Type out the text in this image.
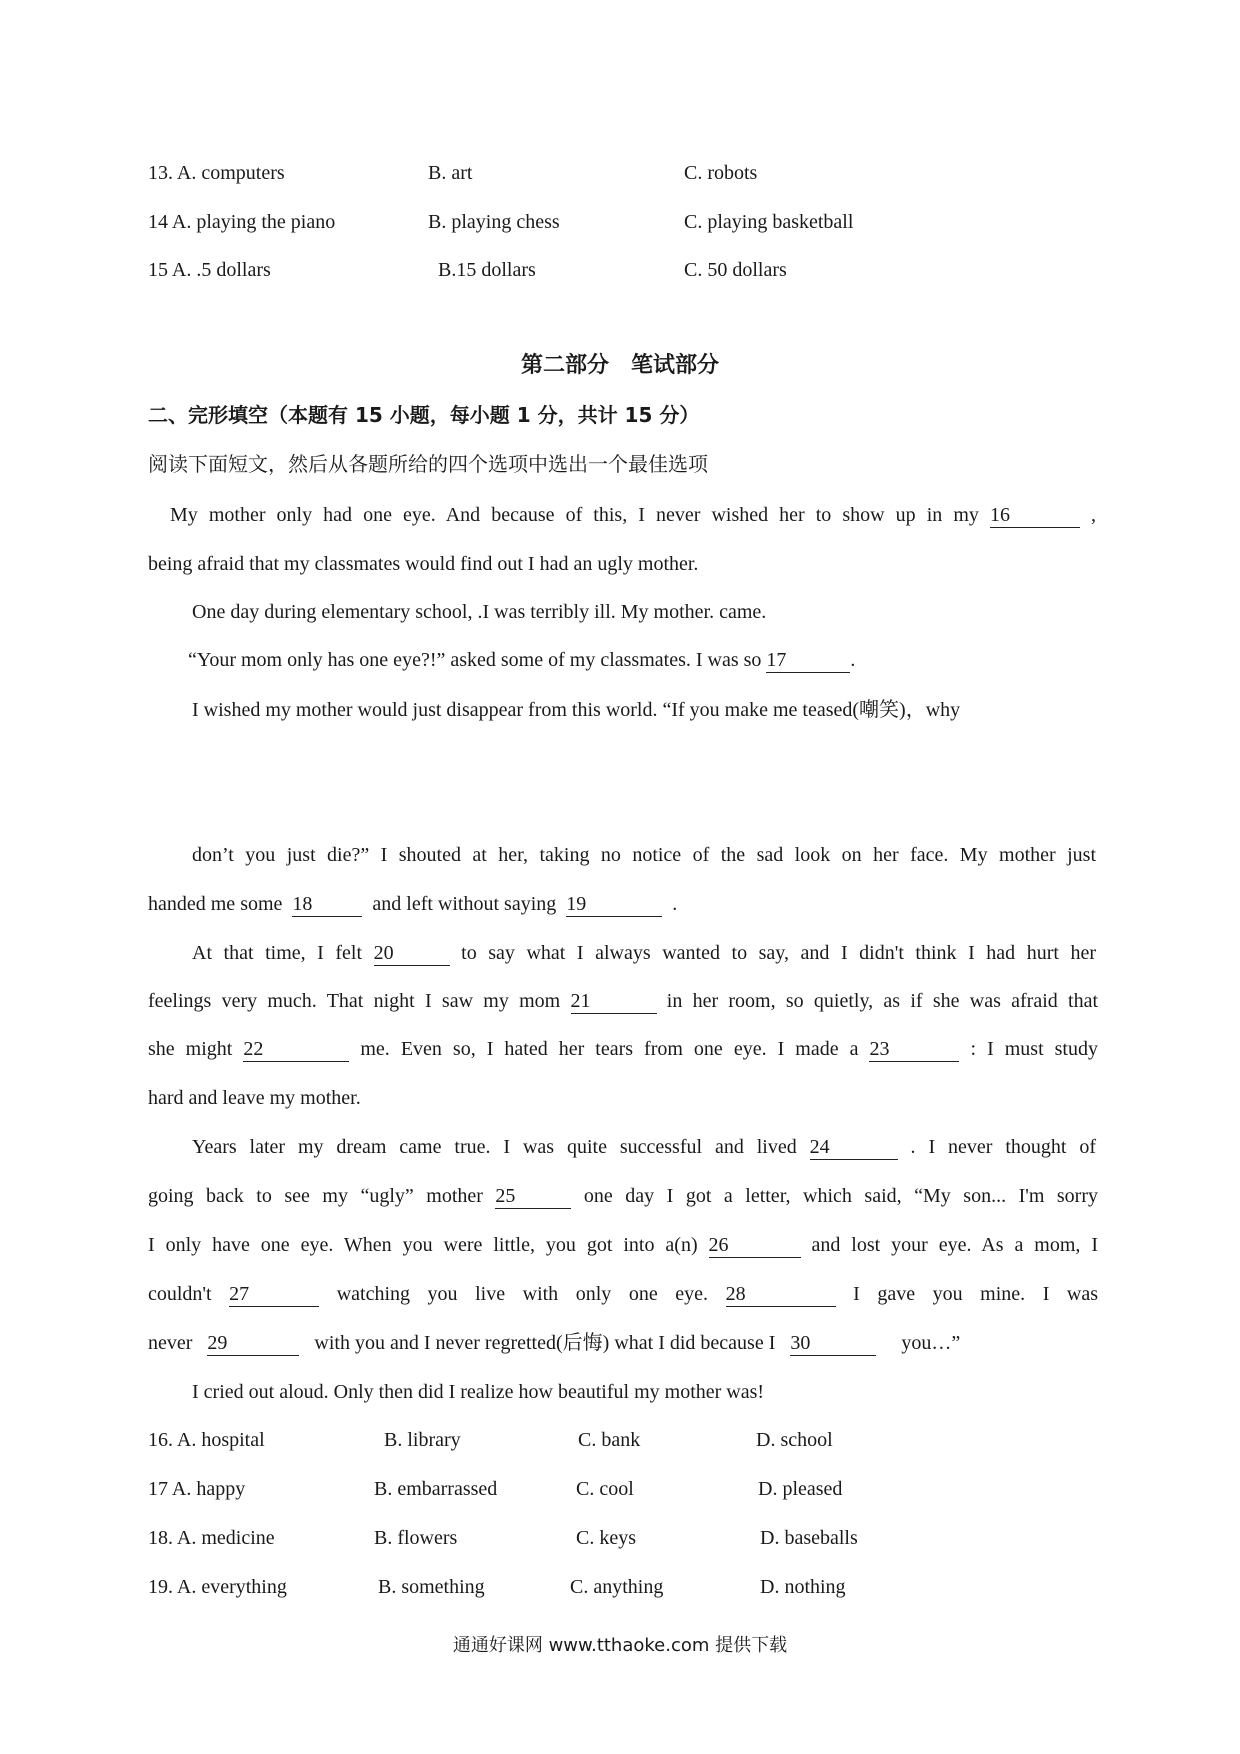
13. A. computers	B. art	C. robots
14 A. playing the piano	B. playing chess	C. playing basketball
15 A. .5 dollars	B.15 dollars	C. 50 dollars
第二部分　笔试部分
二、完形填空（本题有 15 小题，每小题 1 分，共计 15 分）
阅读下面短文，然后从各题所给的四个选项中选出一个最佳选项
My mother only had one eye. And because of this, I never wished her to show up in my 16	,
being afraid that my classmates would find out I had an ugly mother.
One day during elementary school, .I was terribly ill. My mother. came.
“Your mom only has one eye?!” asked some of my classmates. I was so 17	.
I wished my mother would just disappear from this world. “If you make me teased(嘲笑)，why
don’t you just die?” I shouted at her, taking no notice of the sad look on her face. My mother just
handed me some 18	and left without saying 19	.
At that time, I felt 20	to say what I always wanted to say, and I didn't think I had hurt her
feelings very much. That night I saw my mom 21	in her room, so quietly, as if she was afraid that
she might 22	me. Even so, I hated her tears from one eye. I made a 23	: I must study
hard and leave my mother.
Years later my dream came true. I was quite successful and lived 24	. I never thought of
going back to see my “ugly” mother 25	one day I got a letter, which said, “My son... I'm sorry
I only have one eye. When you were little, you got into a(n) 26	and lost your eye. As a mom, I
couldn't 27	watching you live with only one eye. 28	I gave you mine. I was
never 29	with you and I never regretted(后悔) what I did because I 30	you…”
I cried out aloud. Only then did I realize how beautiful my mother was!
16. A. hospital	B. library	C. bank	D. school
17 A. happy	B. embarrassed	C. cool	D. pleased
18. A. medicine	B. flowers	C. keys	D. baseballs
19. A. everything	B. something	C. anything	D. nothing
通通好课网 www.tthaoke.com 提供下载
